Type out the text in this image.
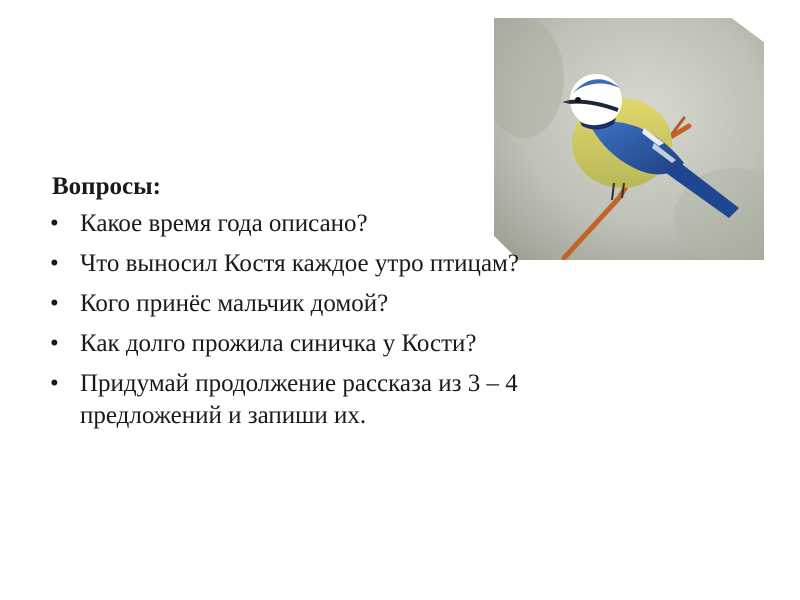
Вопросы:
• Какое время года описано?
• Что выносил Костя каждое утро птицам?
• Кого принёс мальчик домой?
• Как долго прожила синичка у Кости?
• Придумай продолжение рассказа из 3 – 4 предложений и запиши их.
